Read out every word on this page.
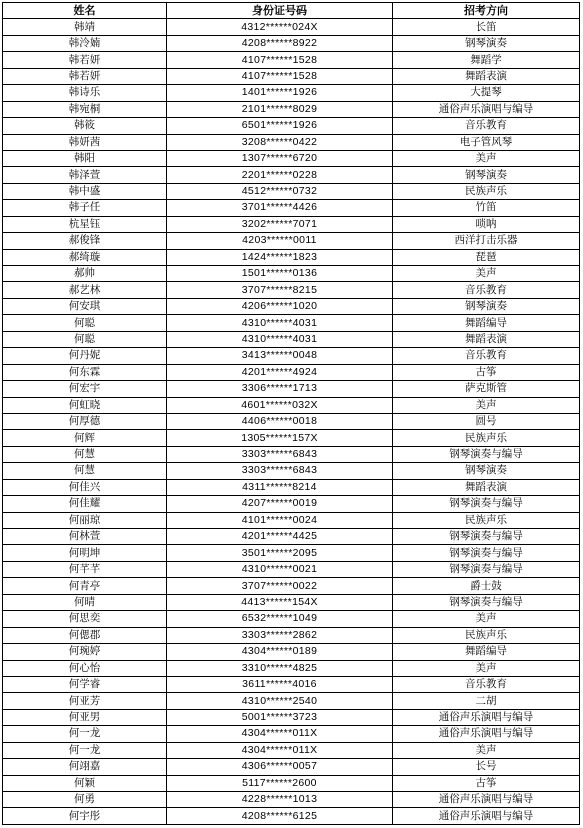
姓名	身份证号码	招考方向
韩靖	4312******024X	长笛
韩泠婻	4208******8922	钢琴演奏
韩若妍	4107******1528	舞蹈学
韩若妍	4107******1528	舞蹈表演
韩诗乐	1401******1926	大提琴
韩宛桐	2101******8029	通俗声乐演唱与编导
韩筱	6501******1926	音乐教育
韩妍茜	3208******0422	电子管风琴
韩阳	1307******6720	美声
韩泽萱	2201******0228	钢琴演奏
韩中盛	4512******0732	民族声乐
韩子任	3701******4426	竹笛
杭星钰	3202******7071	唢呐
郝俊锋	4203******0011	西洋打击乐器
郝绮璇	1424******1823	琵琶
郝帅	1501******0136	美声
郝艺林	3707******8215	音乐教育
何安琪	4206******1020	钢琴演奏
何聪	4310******4031	舞蹈编导
何聪	4310******4031	舞蹈表演
何丹妮	3413******0048	音乐教育
何东霖	4201******4924	古筝
何宏宇	3306******1713	萨克斯管
何虹晓	4601******032X	美声
何厚德	4406******0018	圆号
何辉	1305******157X	民族声乐
何慧	3303******6843	钢琴演奏与编导
何慧	3303******6843	钢琴演奏
何佳兴	4311******8214	舞蹈表演
何佳耀	4207******0019	钢琴演奏与编导
何丽琼	4101******0024	民族声乐
何林萱	4201******4425	钢琴演奏与编导
何明坤	3501******2095	钢琴演奏与编导
何芊芊	4310******0021	钢琴演奏与编导
何青亭	3707******0022	爵士鼓
何晴	4413******154X	钢琴演奏与编导
何思奕	6532******1049	美声
何偲郡	3303******2862	民族声乐
何琬婷	4304******0189	舞蹈编导
何心怡	3310******4825	美声
何学睿	3611******4016	音乐教育
何亚芳	4310******2540	二胡
何亚男	5001******3723	通俗声乐演唱与编导
何一龙	4304******011X	通俗声乐演唱与编导
何一龙	4304******011X	美声
何翊嘉	4306******0057	长号
何颖	5117******2600	古筝
何勇	4228******1013	通俗声乐演唱与编导
何宇彤	4208******6125	通俗声乐演唱与编导
